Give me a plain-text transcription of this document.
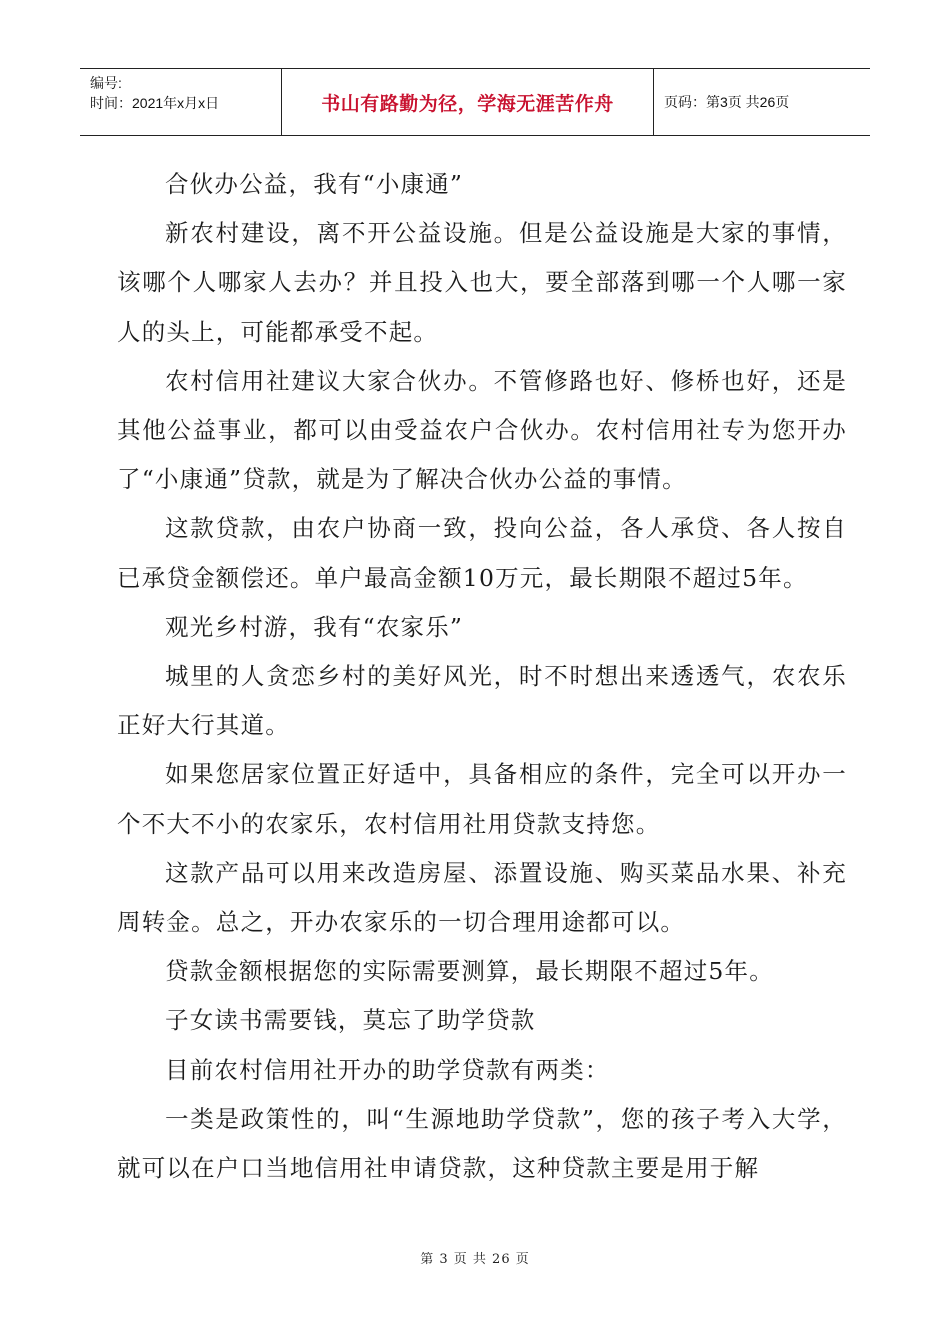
编号:
时间：2021年x月x日	书山有路勤为径，学海无涯苦作舟	页码：第3页 共26页

合伙办公益，我有“小康通”

新农村建设，离不开公益设施。但是公益设施是大家的事情，该哪个人哪家人去办？并且投入也大，要全部落到哪一个人哪一家人的头上，可能都承受不起。

农村信用社建议大家合伙办。不管修路也好、修桥也好，还是其他公益事业，都可以由受益农户合伙办。农村信用社专为您开办了“小康通”贷款，就是为了解决合伙办公益的事情。

这款贷款，由农户协商一致，投向公益，各人承贷、各人按自已承贷金额偿还。单户最高金额10万元，最长期限不超过5年。

观光乡村游，我有“农家乐”

城里的人贪恋乡村的美好风光，时不时想出来透透气，农农乐正好大行其道。

如果您居家位置正好适中，具备相应的条件，完全可以开办一个不大不小的农家乐，农村信用社用贷款支持您。

这款产品可以用来改造房屋、添置设施、购买菜品水果、补充周转金。总之，开办农家乐的一切合理用途都可以。

贷款金额根据您的实际需要测算，最长期限不超过5年。

子女读书需要钱，莫忘了助学贷款

目前农村信用社开办的助学贷款有两类：

一类是政策性的，叫“生源地助学贷款”，您的孩子考入大学，就可以在户口当地信用社申请贷款，这种贷款主要是用于解

第 3 页 共 26 页
